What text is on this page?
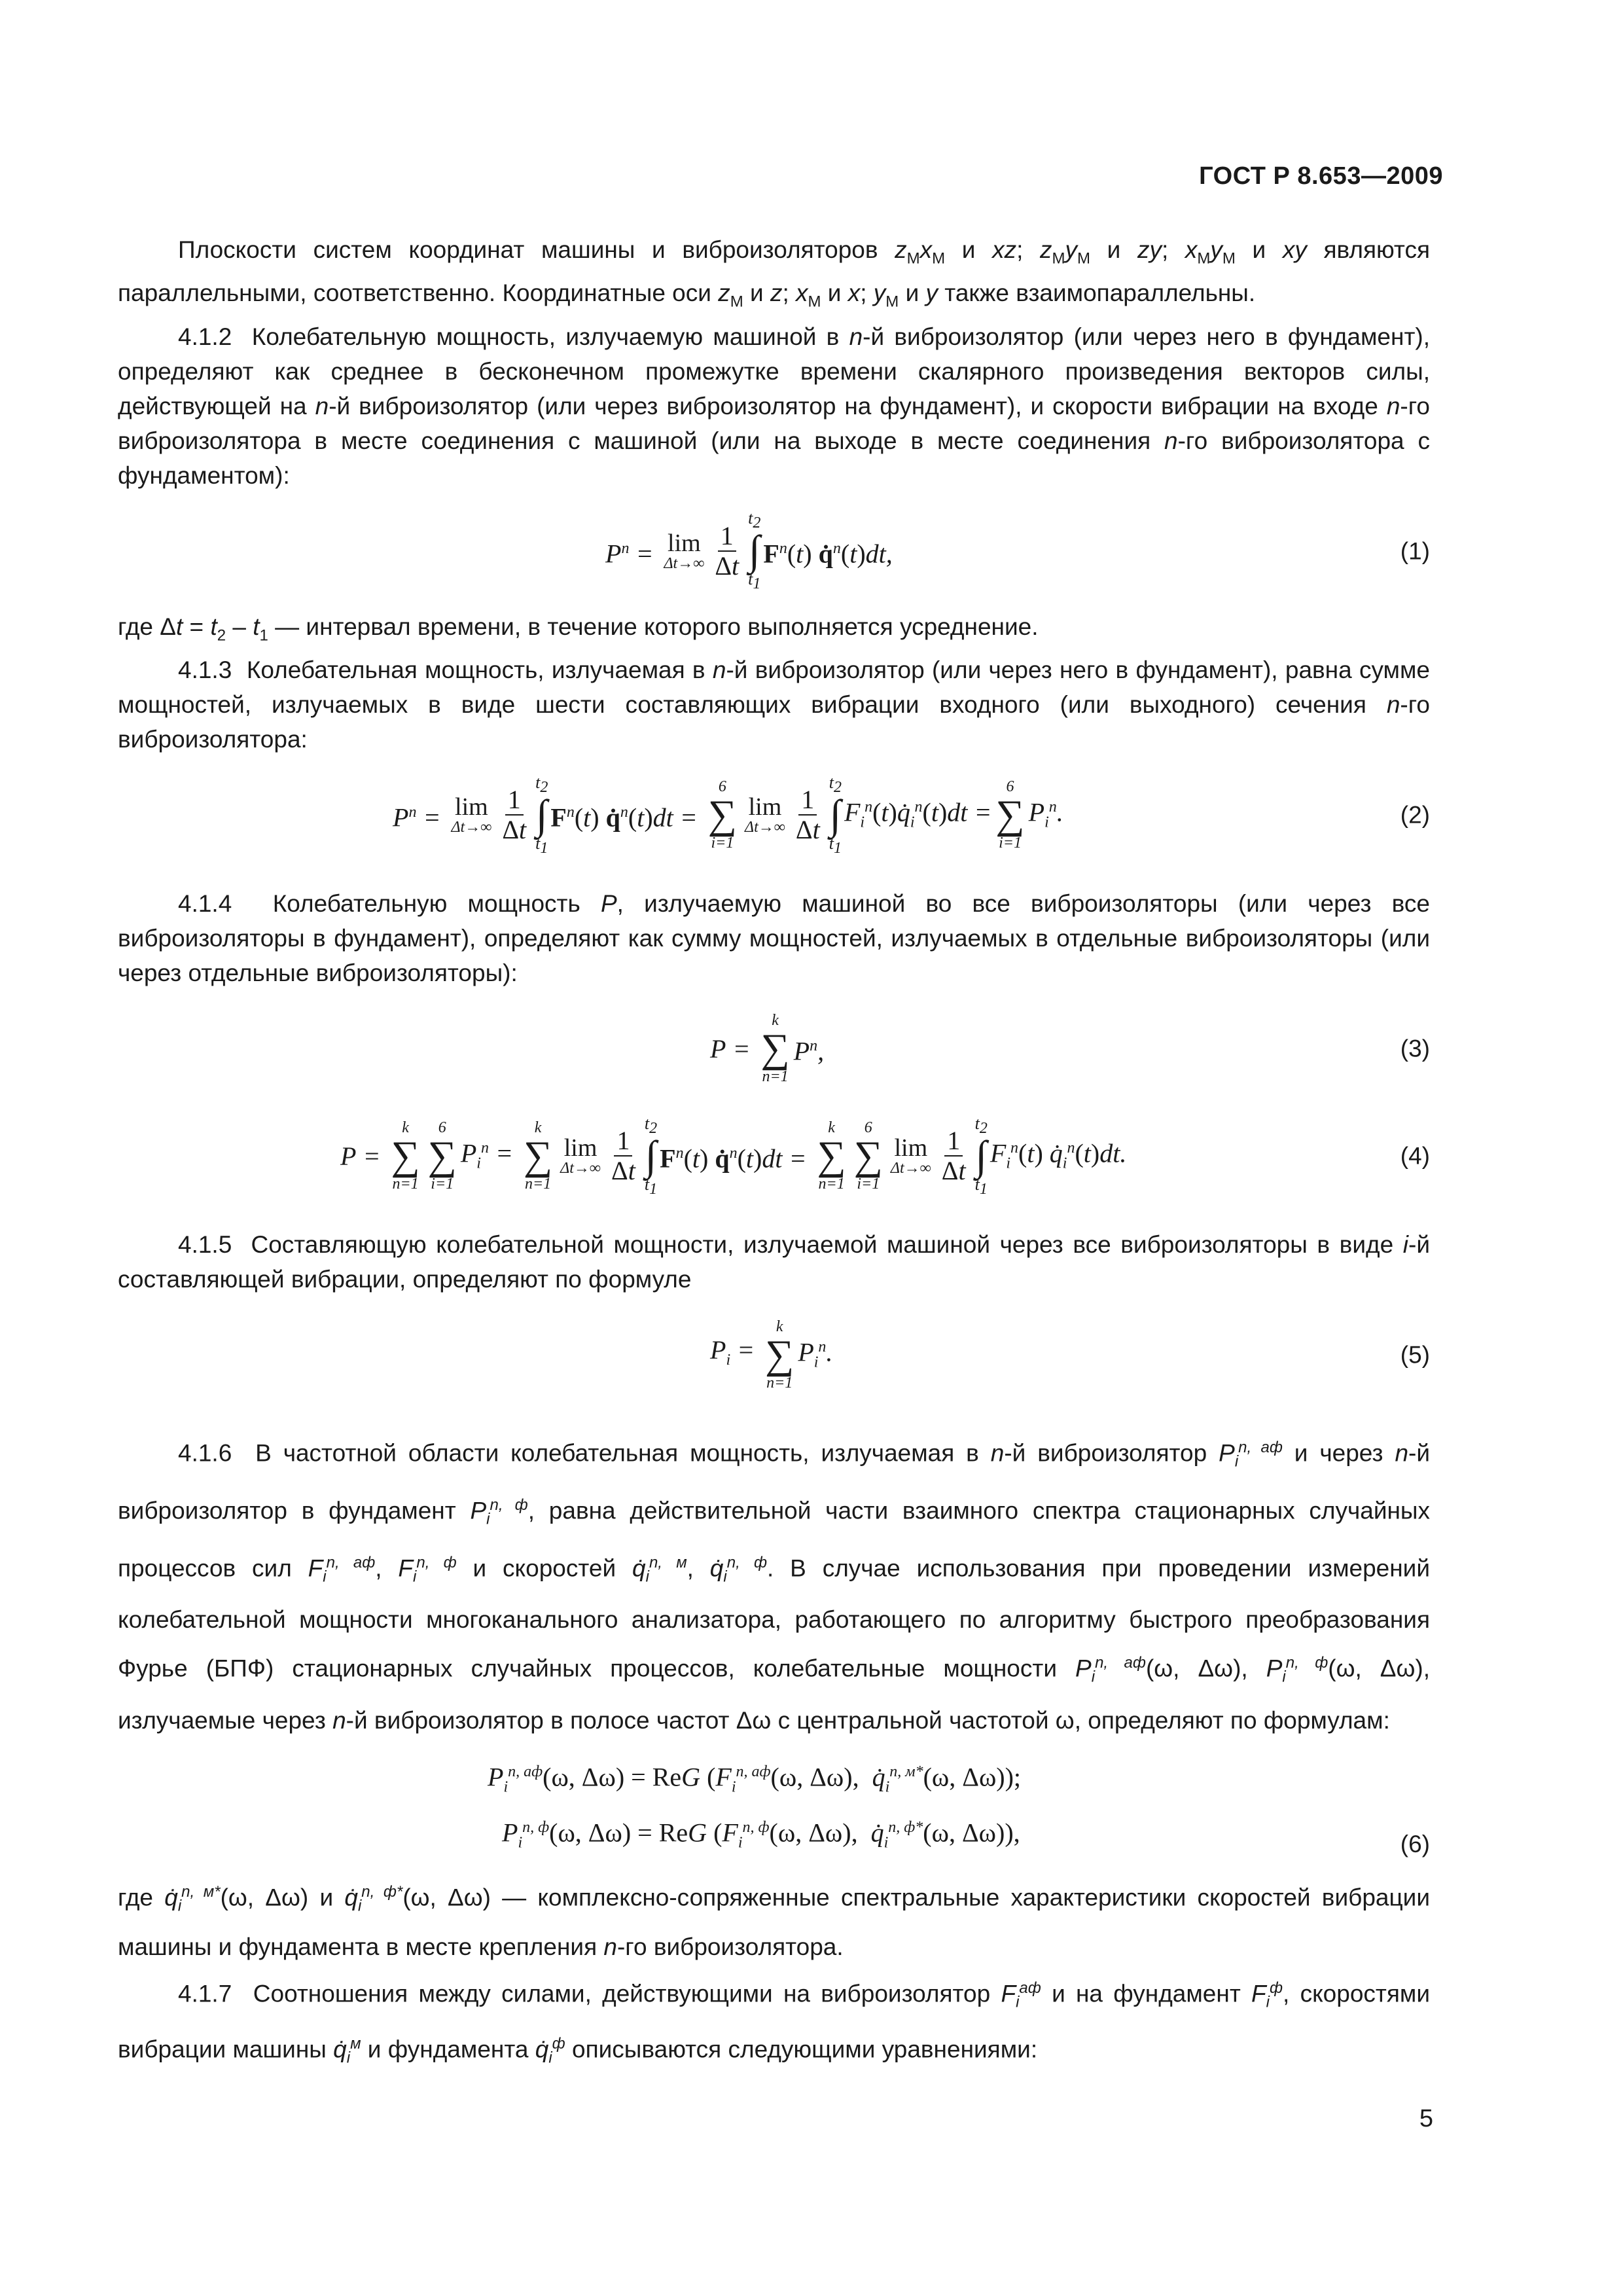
ГОСТ Р 8.653—2009

Плоскости систем координат машины и виброизоляторов $z_Мx_М$ и xz; $z_Мy_М$ и zy; $x_Мy_М$ и xy являются параллельными, соответственно. Координатные оси $z_М$ и z; $x_М$ и x; $y_М$ и y также взаимопараллельны.

4.1.2  Колебательную мощность, излучаемую машиной в n-й виброизолятор (или через него в фундамент), определяют как среднее в бесконечном промежутке времени скалярного произведения векторов силы, действующей на n-й виброизолятор (или через виброизолятор на фундамент), и скорости вибрации на входе n-го виброизолятора в месте соединения с машиной (или на выходе в месте соединения n-го виброизолятора с фундаментом):

$P^n = \lim$
$\Delta t\to\infty \frac{1}{\Delta t}$
$t_2$
∫
$t_1$
$F^n(t)$ q̇$^n$(t)dt,	(1)

где $\Delta t = t_2 - t_1$ — интервал времени, в течение которого выполняется усреднение.

4.1.3  Колебательная мощность, излучаемая в n-й виброизолятор (или через него в фундамент), равна сумме мощностей, излучаемых в виде шести составляющих вибрации входного (или выходного) сечения n-го виброизолятора:

$P^n = \lim$
$\Delta t\to\infty \frac{1}{\Delta t}$
$t_2$
∫
$t_1$
$F^n(t)$ q̇$^n$(t)dt =
6
∑
i=1
lim
$\Delta t\to\infty \frac{1}{\Delta t}$
$t_2$
∫
$t_1$
$F_i^n(t)q̇_i^n(t)dt$ =
6
∑
i=1
$P_i^n$.	(2)

4.1.4  Колебательную мощность P, излучаемую машиной во все виброизоляторы (или через все виброизоляторы в фундамент), определяют как сумму мощностей, излучаемых в отдельные виброизоляторы (или через отдельные виброизоляторы):

P =
k
∑
n=1
$P^n$,	(3)
P =
k
∑
n=1
6
∑
i=1
$P_i^n$ =
k
∑
n=1
lim
$\Delta t\to\infty \frac{1}{\Delta t}$
$t_2$
∫
$t_1$
$F^n(t)$ q̇$^n$(t)dt =
k
∑
n=1
6
∑
i=1
lim
$\Delta t\to\infty \frac{1}{\Delta t}$
$t_2$
∫
$t_1$
$F_i^n(t)$ $q̇_i^n(t)dt$.	(4)

4.1.5  Составляющую колебательной мощности, излучаемой машиной через все виброизоляторы в виде i-й составляющей вибрации, определяют по формуле

$P_i$ =
k
∑
n=1
$P_i^n$.	(5)

4.1.6  В частотной области колебательная мощность, излучаемая в n-й виброизолятор $P_i^{n, аф}$ и через n-й виброизолятор в фундамент $P_i^{n, ф}$, равна действительной части взаимного спектра стационарных случайных процессов сил $F_i^{n, аф}$, $F_i^{n, ф}$ и скоростей $q̇_i^{n, м}$, $q̇_i^{n, ф}$. В случае использования при проведении измерений колебательной мощности многоканального анализатора, работающего по алгоритму быстрого преобразования Фурье (БПФ) стационарных случайных процессов, колебательные мощности $P_i^{n, аф}(\omega$, Δω), $P_i^{n, ф}(\omega$, Δω), излучаемые через n-й виброизолятор в полосе частот Δω с центральной частотой ω, определяют по формулам:

$P_i^{n, аф}(\omega$, Δω) = ReG ($F_i^{n, аф}(\omega$, Δω),  $q̇_i^{n, м*}(\omega$, Δω));
$P_i^{n, ф}(\omega$, Δω) = ReG ($F_i^{n, ф}(\omega$, Δω),  $q̇_i^{n, ф*}(\omega$, Δω)),	(6)

где $q̇_i^{n, м*}(\omega$, Δω) и $q̇_i^{n, ф*}(\omega$, Δω) — комплексно-сопряженные спектральные характеристики скоростей вибрации машины и фундамента в месте крепления n-го виброизолятора.

4.1.7  Соотношения между силами, действующими на виброизолятор $F_i^{аф}$ и на фундамент $F_i^ф$, скоростями вибрации машины $q̇_i^м$ и фундамента $q̇_i^ф$ описываются следующими уравнениями:

5
